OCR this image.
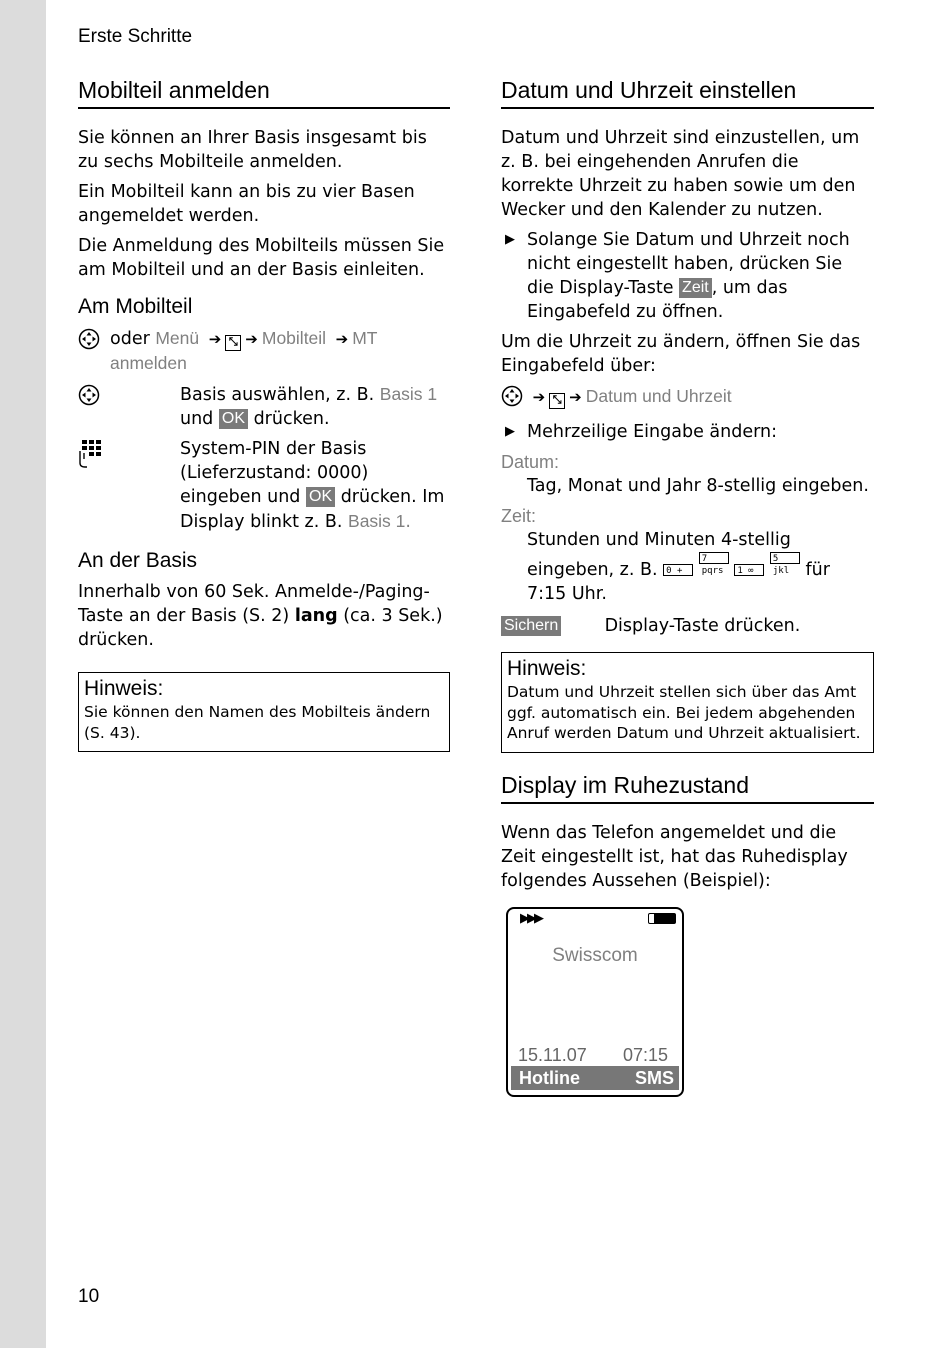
Erste Schritte
Mobilteil anmelden

Sie können an Ihrer Basis insgesamt bis zu sechs Mobilteile anmelden.

Ein Mobilteil kann an bis zu vier Basen angemeldet werden.

Die Anmeldung des Mobilteils müssen Sie am Mobilteil und an der Basis einleiten.

Am Mobilteil
oder Menü ➔ ⤡ ➔ Mobilteil ➔ MT anmelden

Basis auswählen, z. B. Basis 1 und OK drücken.

System-PIN der Basis (Lieferzustand: 0000) eingeben und OK drücken. Im Display blinkt z. B. Basis 1.

An der Basis

Innerhalb von 60 Sek. Anmelde-/Paging-Taste an der Basis (S. 2) lang (ca. 3 Sek.) drücken.

Hinweis:
Sie können den Namen des Mobilteis ändern (S. 43).
Datum und Uhrzeit einstellen

Datum und Uhrzeit sind einzustellen, um z. B. bei eingehenden Anrufen die korrekte Uhrzeit zu haben sowie um den Wecker und den Kalender zu nutzen.

▶ Solange Sie Datum und Uhrzeit noch nicht eingestellt haben, drücken Sie die Display-Taste Zeit , um das Eingabefeld zu öffnen.

Um die Uhrzeit zu ändern, öffnen Sie das Eingabefeld über:

➔ ⤡ ➔ Datum und Uhrzeit

▶ Mehrzeilige Eingabe ändern:

Datum:

Tag, Monat und Jahr 8-stellig eingeben.

Zeit:

Stunden und Minuten 4-stellig eingeben, z. B. 0 + 7 pqrs 1 ∞ 5 jkl für 7:15 Uhr.

Sichern	Display-Taste drücken.

Hinweis:
Datum und Uhrzeit stellen sich über das Amt ggf. automatisch ein. Bei jedem abgehenden Anruf werden Datum und Uhrzeit aktualisiert.
Display im Ruhezustand

Wenn das Telefon angemeldet und die Zeit eingestellt ist, hat das Ruhedisplay folgendes Aussehen (Beispiel):

▶▶▶
Swisscom
15.11.07 07:15
Hotline	SMS
10
